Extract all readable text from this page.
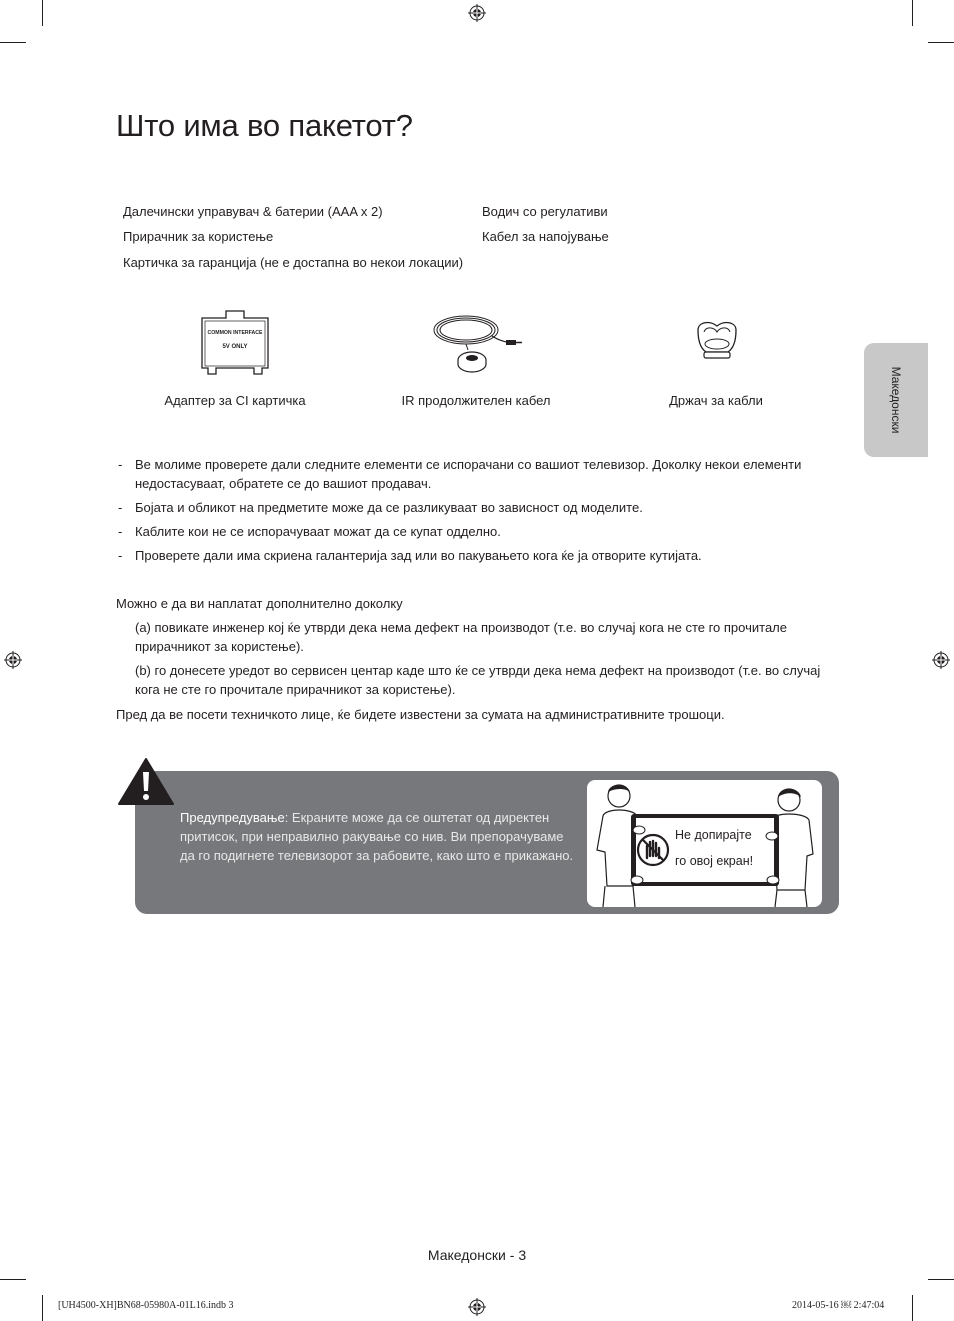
Што има во пакетот?
Македонски
Далечински управувач & батерии (AAA x 2)
Прирачник за користење
Картичка за гаранција (не е достапна во некои локации)
Водич со регулативи
Кабел за напојување
COMMON INTERFACE
5V ONLY
Адаптер за CI картичка	IR продолжителен кабел	Држач за кабли
- Ве молиме проверете дали следните елементи се испорачани со вашиот телевизор. Доколку некои елементи недостасуваат, обратете се до вашиот продавач.
- Бојата и обликот на предметите може да се разликуваат во зависност од моделите.
- Каблите кои не се испорачуваат можат да се купат одделно.
- Проверете дали има скриена галантерија зад или во пакувањето кога ќе ја отворите кутијата.
Можно е да ви наплатат дополнително доколку
(a) повикате инженер кој ќе утврди дека нема дефект на производот (т.е. во случај кога не сте го прочитале прирачникот за користење).
(b) го донесете уредот во сервисен центар каде што ќе се утврди дека нема дефект на производот (т.е. во случај кога не сте го прочитале прирачникот за користење).
Пред да ве посети техничкото лице, ќе бидете известени за сумата на административните трошоци.
Предупредување: Екраните може да се оштетат од директен притисок, при неправилно ракување со нив. Ви препорачуваме да го подигнете телевизорот за рабовите, како што е прикажано.
Не допирајте
го овој екран!
Македонски - 3
[UH4500-XH]BN68-05980A-01L16.indb 3	2014-05-16 ￼ 2:47:04
